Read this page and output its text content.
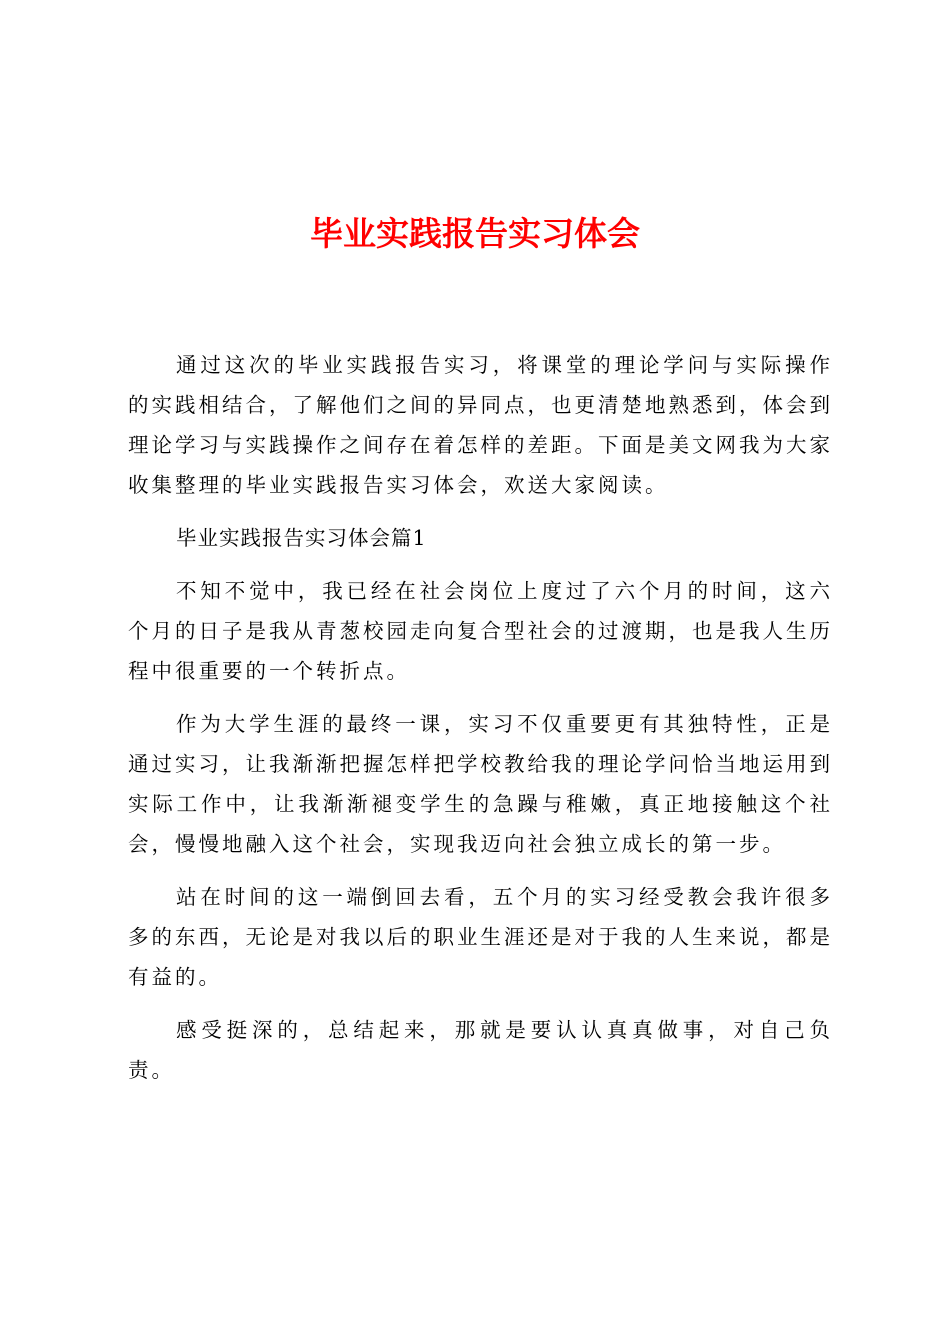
毕业实践报告实习体会

通过这次的毕业实践报告实习，将课堂的理论学问与实际操作的实践相结合，了解他们之间的异同点，也更清楚地熟悉到，体会到理论学习与实践操作之间存在着怎样的差距。下面是美文网我为大家收集整理的毕业实践报告实习体会，欢送大家阅读。

毕业实践报告实习体会篇1

不知不觉中，我已经在社会岗位上度过了六个月的时间，这六个月的日子是我从青葱校园走向复合型社会的过渡期，也是我人生历程中很重要的一个转折点。

作为大学生涯的最终一课，实习不仅重要更有其独特性，正是通过实习，让我渐渐把握怎样把学校教给我的理论学问恰当地运用到实际工作中，让我渐渐褪变学生的急躁与稚嫩，真正地接触这个社会，慢慢地融入这个社会，实现我迈向社会独立成长的第一步。

站在时间的这一端倒回去看，五个月的实习经受教会我许很多多的东西，无论是对我以后的职业生涯还是对于我的人生来说，都是有益的。

感受挺深的，总结起来，那就是要认认真真做事，对自己负责。
